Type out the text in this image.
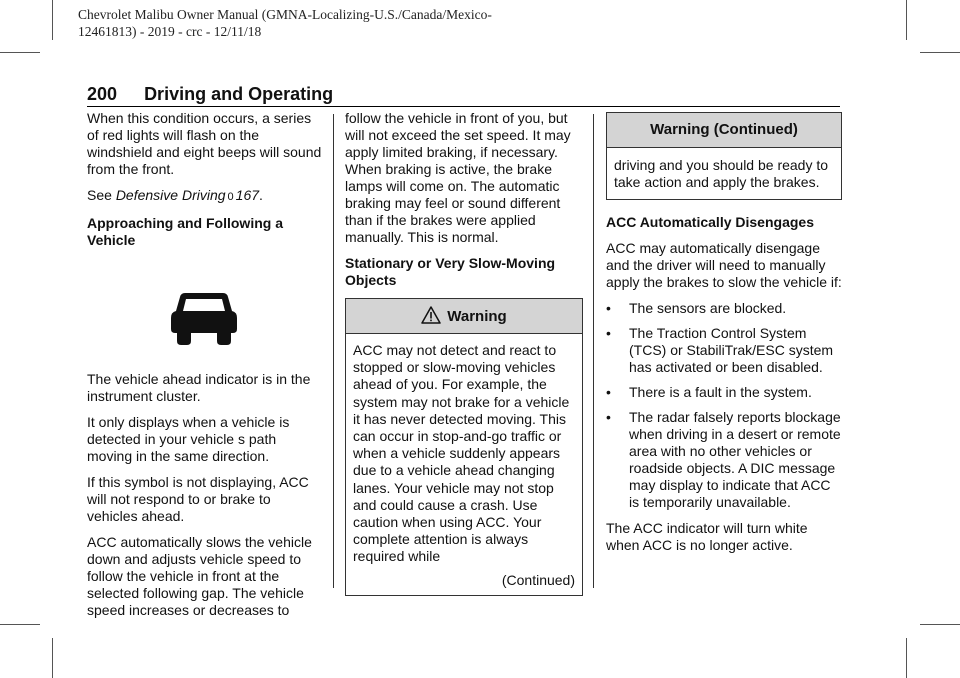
Chevrolet Malibu Owner Manual (GMNA-Localizing-U.S./Canada/Mexico-
12461813) - 2019 - crc - 12/11/18
200 Driving and Operating

When this condition occurs, a series of red lights will flash on the windshield and eight beeps will sound from the front.

See Defensive Driving 0 167.

Approaching and Following a Vehicle

The vehicle ahead indicator is in the instrument cluster.

It only displays when a vehicle is detected in your vehicle s path moving in the same direction.

If this symbol is not displaying, ACC will not respond to or brake to vehicles ahead.

ACC automatically slows the vehicle down and adjusts vehicle speed to follow the vehicle in front at the selected following gap. The vehicle speed increases or decreases to

follow the vehicle in front of you, but will not exceed the set speed. It may apply limited braking, if necessary. When braking is active, the brake lamps will come on. The automatic braking may feel or sound different than if the brakes were applied manually. This is normal.

Stationary or Very Slow-Moving Objects

Warning

ACC may not detect and react to stopped or slow-moving vehicles ahead of you. For example, the system may not brake for a vehicle it has never detected moving. This can occur in stop-and-go traffic or when a vehicle suddenly appears due to a vehicle ahead changing lanes. Your vehicle may not stop and could cause a crash. Use caution when using ACC. Your complete attention is always required while

(Continued)

Warning (Continued)

driving and you should be ready to take action and apply the brakes.

ACC Automatically Disengages

ACC may automatically disengage and the driver will need to manually apply the brakes to slow the vehicle if:

• The sensors are blocked.
• The Traction Control System (TCS) or StabiliTrak/ESC system has activated or been disabled.
• There is a fault in the system.
• The radar falsely reports blockage when driving in a desert or remote area with no other vehicles or roadside objects. A DIC message may display to indicate that ACC is temporarily unavailable.

The ACC indicator will turn white when ACC is no longer active.
